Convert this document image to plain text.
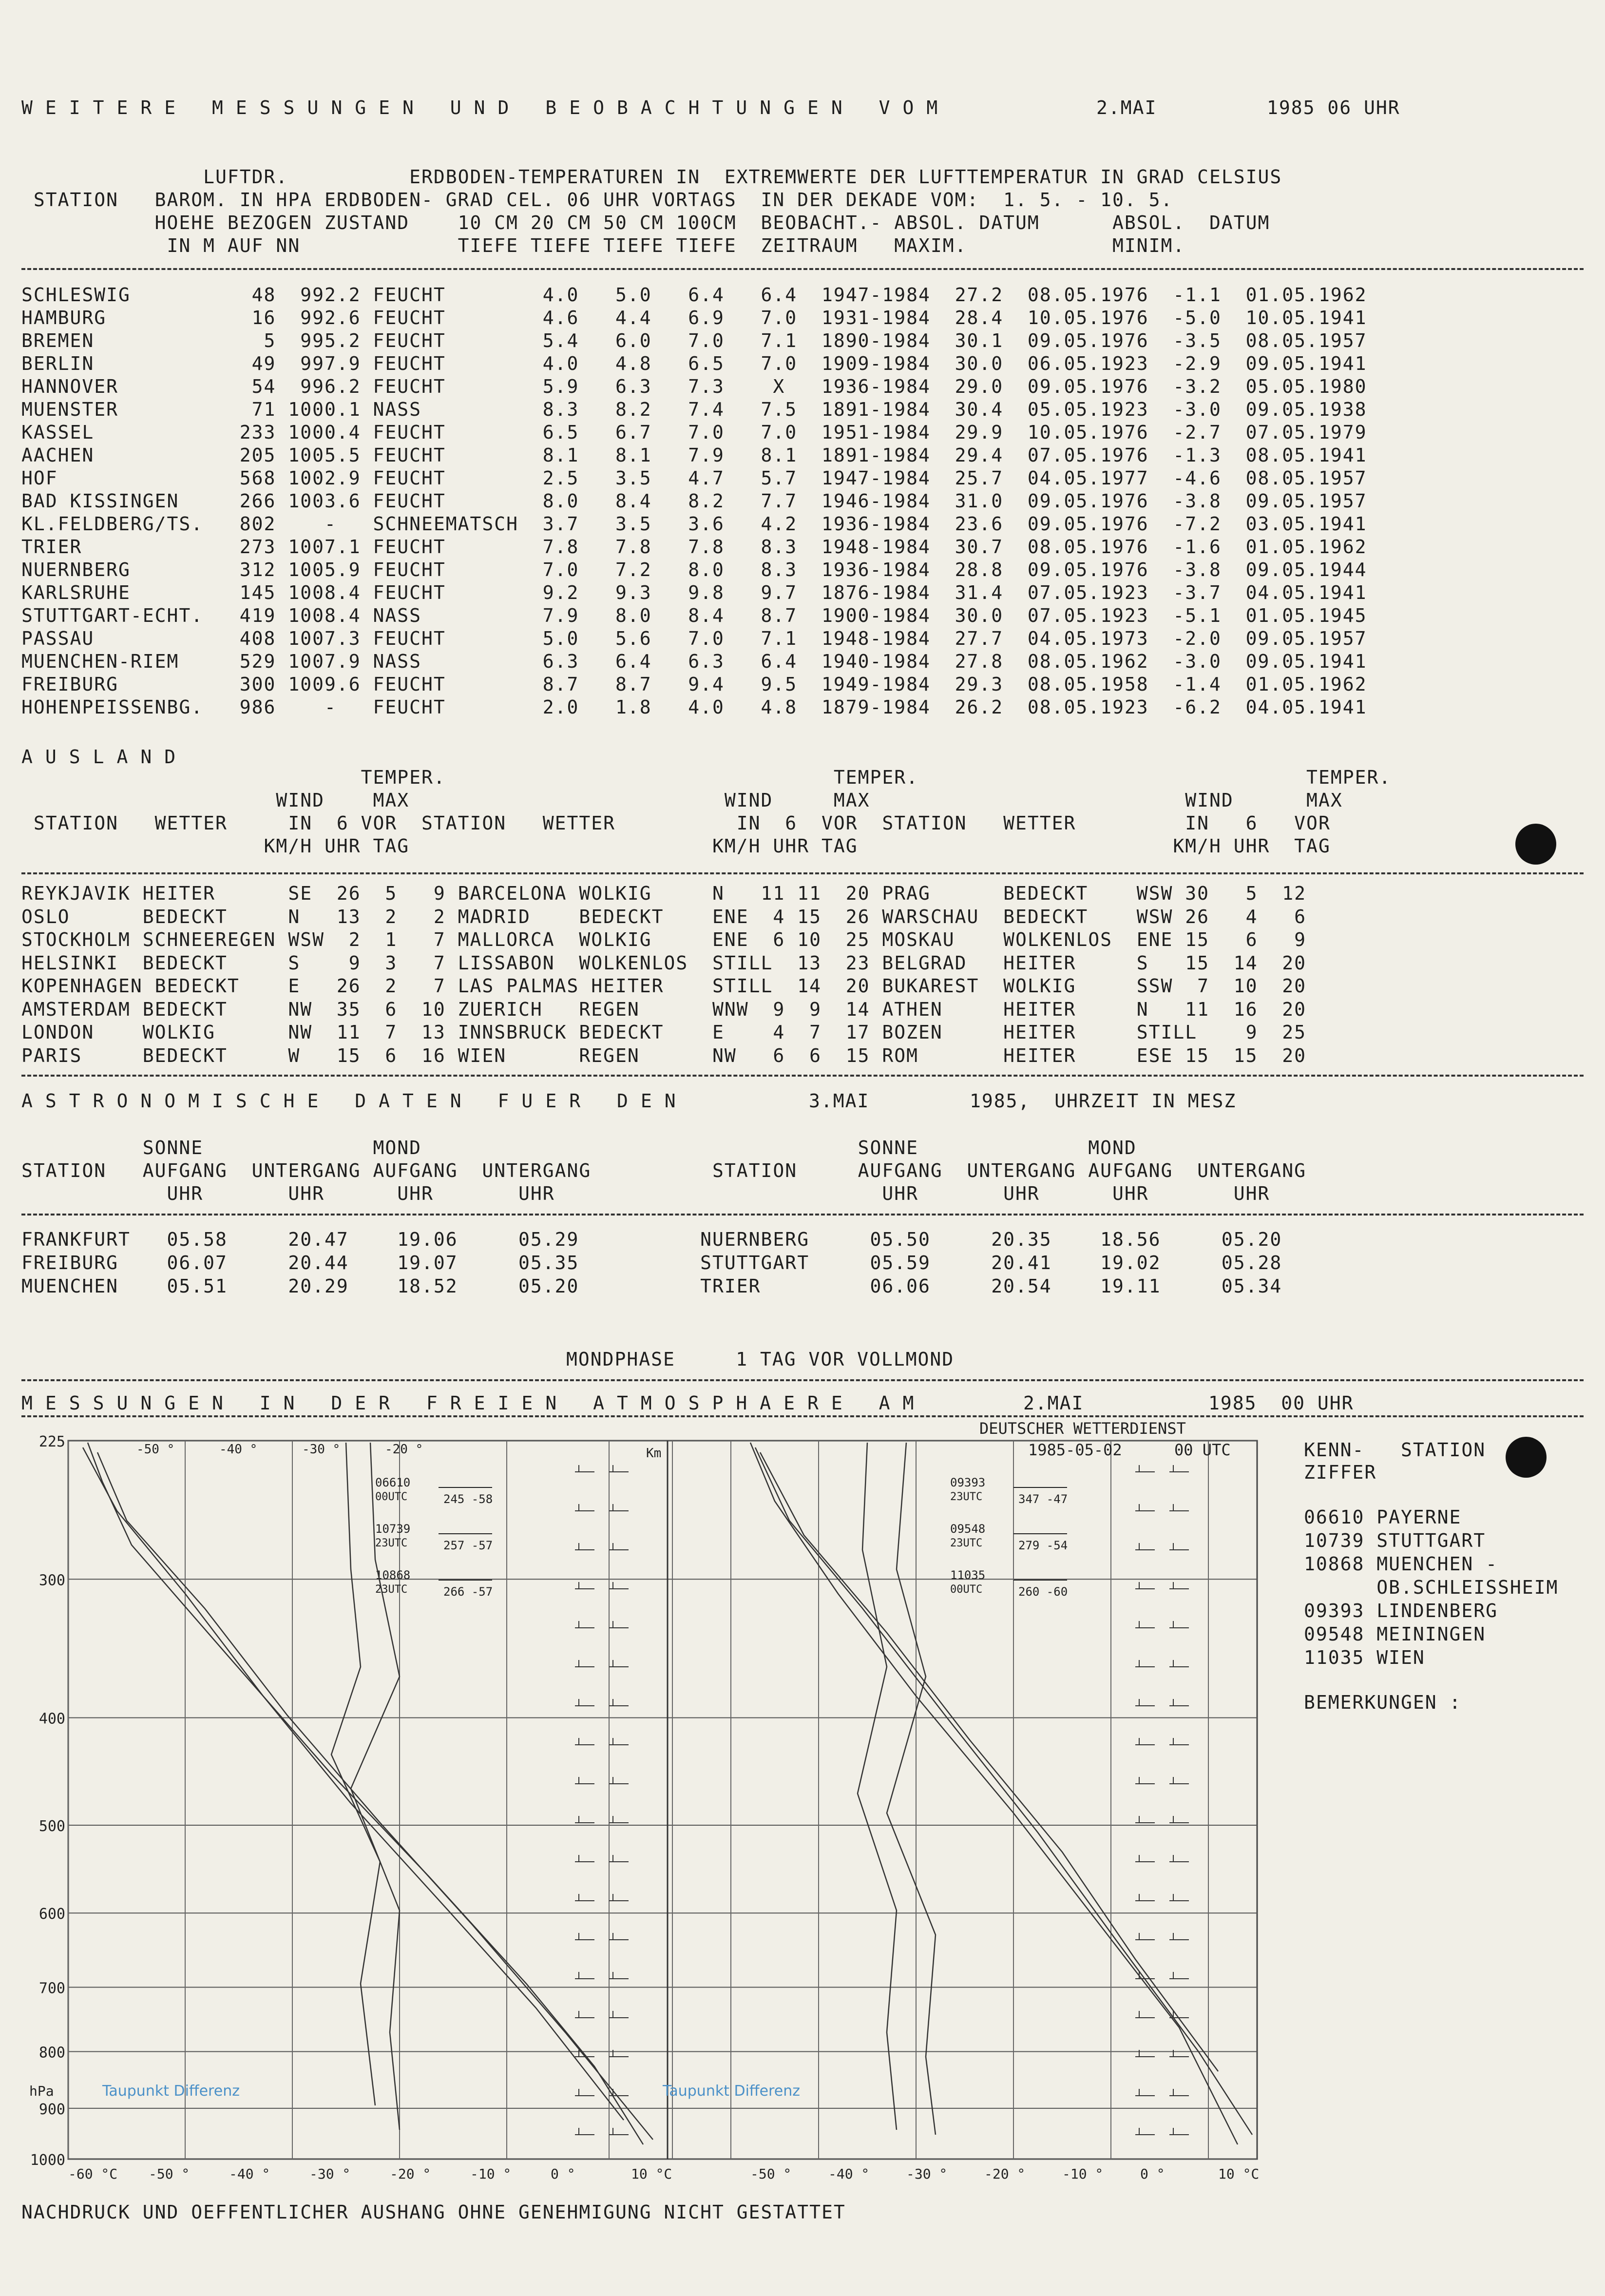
WEITERE MESSUNGEN UND BEOBACHTUNGEN VOM	2.MAI	1985 06 UHR
LUFTDR.          ERDBODEN-TEMPERATUREN IN  EXTREMWERTE DER LUFTTEMPERATUR IN GRAD CELSIUS
STATION   BAROM. IN HPA ERDBODEN- GRAD CEL. 06 UHR VORTAGS  IN DER DEKADE VOM:  1. 5. - 10. 5.
HOEHE BEZOGEN ZUSTAND    10 CM 20 CM 50 CM 100CM  BEOBACHT.- ABSOL. DATUM      ABSOL.  DATUM
IN M AUF NN             TIEFE TIEFE TIEFE TIEFE  ZEITRAUM   MAXIM.            MINIM.
SCHLESWIG          48  992.2 FEUCHT        4.0   5.0   6.4   6.4  1947-1984  27.2  08.05.1976  -1.1  01.05.1962
HAMBURG            16  992.6 FEUCHT        4.6   4.4   6.9   7.0  1931-1984  28.4  10.05.1976  -5.0  10.05.1941
BREMEN              5  995.2 FEUCHT        5.4   6.0   7.0   7.1  1890-1984  30.1  09.05.1976  -3.5  08.05.1957
BERLIN             49  997.9 FEUCHT        4.0   4.8   6.5   7.0  1909-1984  30.0  06.05.1923  -2.9  09.05.1941
HANNOVER           54  996.2 FEUCHT        5.9   6.3   7.3    X   1936-1984  29.0  09.05.1976  -3.2  05.05.1980
MUENSTER           71 1000.1 NASS          8.3   8.2   7.4   7.5  1891-1984  30.4  05.05.1923  -3.0  09.05.1938
KASSEL            233 1000.4 FEUCHT        6.5   6.7   7.0   7.0  1951-1984  29.9  10.05.1976  -2.7  07.05.1979
AACHEN            205 1005.5 FEUCHT        8.1   8.1   7.9   8.1  1891-1984  29.4  07.05.1976  -1.3  08.05.1941
HOF               568 1002.9 FEUCHT        2.5   3.5   4.7   5.7  1947-1984  25.7  04.05.1977  -4.6  08.05.1957
BAD KISSINGEN     266 1003.6 FEUCHT        8.0   8.4   8.2   7.7  1946-1984  31.0  09.05.1976  -3.8  09.05.1957
KL.FELDBERG/TS.   802    -   SCHNEEMATSCH  3.7   3.5   3.6   4.2  1936-1984  23.6  09.05.1976  -7.2  03.05.1941
TRIER             273 1007.1 FEUCHT        7.8   7.8   7.8   8.3  1948-1984  30.7  08.05.1976  -1.6  01.05.1962
NUERNBERG         312 1005.9 FEUCHT        7.0   7.2   8.0   8.3  1936-1984  28.8  09.05.1976  -3.8  09.05.1944
KARLSRUHE         145 1008.4 FEUCHT        9.2   9.3   9.8   9.7  1876-1984  31.4  07.05.1923  -3.7  04.05.1941
STUTTGART-ECHT.   419 1008.4 NASS          7.9   8.0   8.4   8.7  1900-1984  30.0  07.05.1923  -5.1  01.05.1945
PASSAU            408 1007.3 FEUCHT        5.0   5.6   7.0   7.1  1948-1984  27.7  04.05.1973  -2.0  09.05.1957
MUENCHEN-RIEM     529 1007.9 NASS          6.3   6.4   6.3   6.4  1940-1984  27.8  08.05.1962  -3.0  09.05.1941
FREIBURG          300 1009.6 FEUCHT        8.7   8.7   9.4   9.5  1949-1984  29.3  08.05.1958  -1.4  01.05.1962
HOHENPEISSENBG.   986    -   FEUCHT        2.0   1.8   4.0   4.8  1879-1984  26.2  08.05.1923  -6.2  04.05.1941
AUSLAND
TEMPER.                                TEMPER.                                TEMPER.
WIND    MAX                          WIND     MAX                          WIND      MAX
STATION   WETTER     IN  6 VOR  STATION   WETTER          IN  6  VOR  STATION   WETTER         IN   6   VOR
KM/H UHR TAG                         KM/H UHR TAG                          KM/H UHR  TAG
REYKJAVIK HEITER      SE  26  5   9 BARCELONA WOLKIG     N   11 11  20 PRAG      BEDECKT    WSW 30   5  12
OSLO      BEDECKT     N   13  2   2 MADRID    BEDECKT    ENE  4 15  26 WARSCHAU  BEDECKT    WSW 26   4   6
STOCKHOLM SCHNEEREGEN WSW  2  1   7 MALLORCA  WOLKIG     ENE  6 10  25 MOSKAU    WOLKENLOS  ENE 15   6   9
HELSINKI  BEDECKT     S    9  3   7 LISSABON  WOLKENLOS  STILL  13  23 BELGRAD   HEITER     S   15  14  20
KOPENHAGEN BEDECKT    E   26  2   7 LAS PALMAS HEITER    STILL  14  20 BUKAREST  WOLKIG     SSW  7  10  20
AMSTERDAM BEDECKT     NW  35  6  10 ZUERICH   REGEN      WNW  9  9  14 ATHEN     HEITER     N   11  16  20
LONDON    WOLKIG      NW  11  7  13 INNSBRUCK BEDECKT    E    4  7  17 BOZEN     HEITER     STILL    9  25
PARIS     BEDECKT     W   15  6  16 WIEN      REGEN      NW   6  6  15 ROM       HEITER     ESE 15  15  20
ASTRONOMISCHE DATEN FUER DEN	3.MAI	1985,  UHRZEIT IN MESZ
SONNE              MOND                                    SONNE              MOND
STATION   AUFGANG  UNTERGANG AUFGANG  UNTERGANG          STATION     AUFGANG  UNTERGANG AUFGANG  UNTERGANG
UHR       UHR      UHR       UHR                           UHR       UHR      UHR       UHR
FRANKFURT   05.58     20.47    19.06     05.29          NUERNBERG     05.50     20.35    18.56     05.20
FREIBURG    06.07     20.44    19.07     05.35          STUTTGART     05.59     20.41    19.02     05.28
MUENCHEN    05.51     20.29    18.52     05.20          TRIER         06.06     20.54    19.11     05.34
MONDPHASE     1 TAG VOR VOLLMOND
MESSUNGEN IN DER FREIEN ATMOSPHAERE AM	2.MAI	1985  00 UHR
225
300
400
500
600
700
800
900
1000
hPa
Km
-60 °C -50 °	-40 °	-30 °	-20 °	-10 °	0 °	10 °C	-50 °	-40 °	-30 °	-20 °	-10 °	0 °	10 °C
-50 °	-40 °	-30 °	-20 °
DEUTSCHER WETTERDIENST
1985-05-02	00 UTC
06610
00UTC	245 -58
10739
23UTC	257 -57
10868
23UTC	266 -57
09393
23UTC	347 -47
09548
23UTC	279 -54
11035
00UTC	260 -60
Taupunkt Differenz	Taupunkt Differenz
KENN-   STATION
ZIFFER
06610 PAYERNE
10739 STUTTGART
10868 MUENCHEN -
OB.SCHLEISSHEIM
09393 LINDENBERG
09548 MEININGEN
11035 WIEN
BEMERKUNGEN :
NACHDRUCK UND OEFFENTLICHER AUSHANG OHNE GENEHMIGUNG NICHT GESTATTET
